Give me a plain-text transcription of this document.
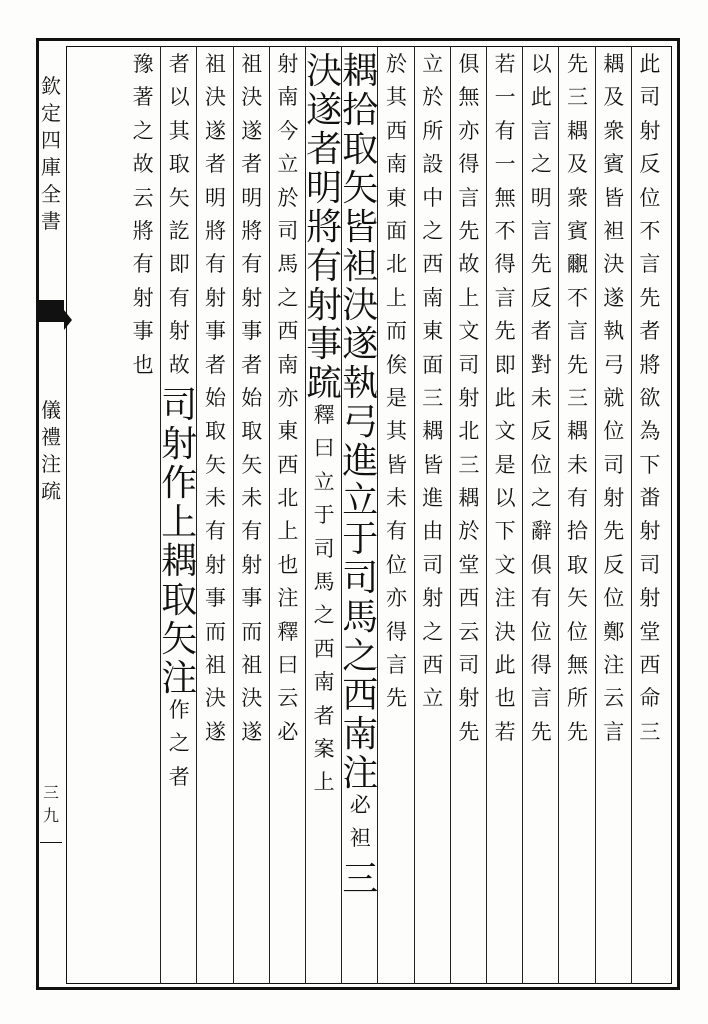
欽
定
四
庫
全
書
儀
禮
注
疏
三九
此
司
射
反
位
不
言
先
者
將
欲
為
下
畨
射
司
射
堂
西
命
三
耦
及
衆
賓
皆
袒
決
遂
執
弓
就
位
司
射
先
反
位
鄭
注
云
言
先
三
耦
及
衆
賓
覼
不
言
先
三
耦
未
有
拾
取
矢
位
無
所
先
以
此
言
之
明
言
先
反
者
對
未
反
位
之
辭
俱
有
位
得
言
先
若
一
有
一
無
不
得
言
先
即
此
文
是
以
下
文
注
決
此
也
若
俱
無
亦
得
言
先
故
上
文
司
射
北
三
耦
於
堂
西
云
司
射
先
立
於
所
設
中
之
西
南
東
面
三
耦
皆
進
由
司
射
之
西
立
於
其
西
南
東
面
北
上
而
俟
是
其
皆
未
有
位
亦
得
言
先
耦
拾
取
矢
皆
袒
決
遂
執
弓
進
立
于
司
馬
之
西
南
注
必
袒
三
決
遂
者
明
將
有
射
事
䟽
釋
曰
立
于
司
馬
之
西
南
者
案
上
射
南
今
立
於
司
馬
之
西
南
亦
東
西
北
上
也
注
釋
曰
云
必
祖
決
遂
者
明
將
有
射
事
者
始
取
矢
未
有
射
事
而
祖
決
遂
祖
決
遂
者
明
將
有
射
事
者
始
取
矢
未
有
射
事
而
祖
決
遂
者
以
其
取
矢
訖
即
有
射
故
司
射
作
上
耦
取
矢
注
作
之
者
豫
著
之
故
云
將
有
射
事
也
